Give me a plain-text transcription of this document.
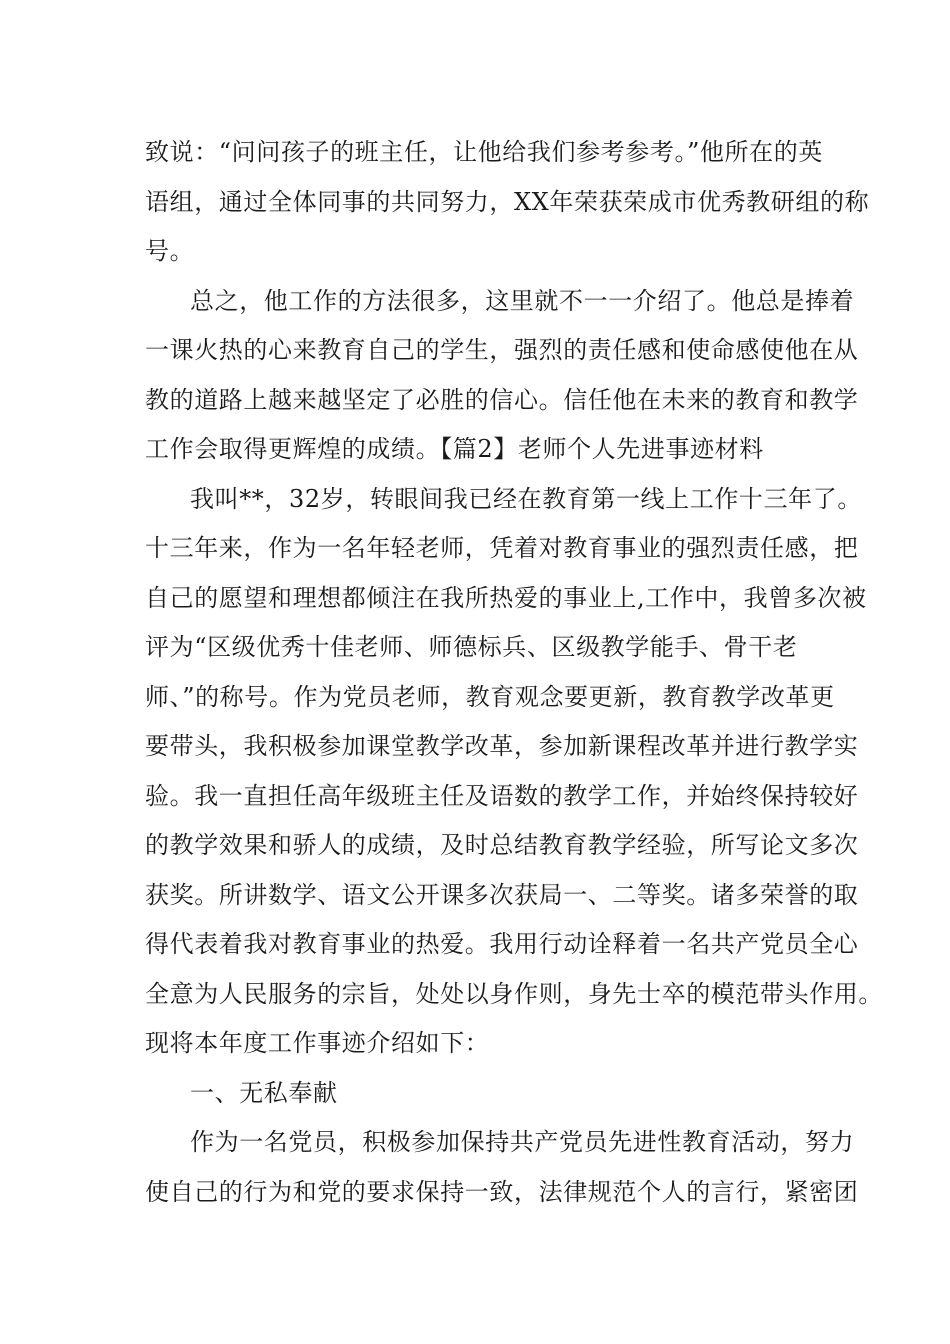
致说：“问问孩子的班主任，让他给我们参考参考。”他所在的英
语组，通过全体同事的共同努力，XX年荣获荣成市优秀教研组的称
号。
总之，他工作的方法很多，这里就不一一介绍了。他总是捧着
一课火热的心来教育自己的学生，强烈的责任感和使命感使他在从
教的道路上越来越坚定了必胜的信心。信任他在未来的教育和教学
工作会取得更辉煌的成绩。【篇2】老师个人先进事迹材料
我叫**，32岁，转眼间我已经在教育第一线上工作十三年了。
十三年来，作为一名年轻老师，凭着对教育事业的强烈责任感，把
自己的愿望和理想都倾注在我所热爱的事业上,工作中，我曾多次被
评为“区级优秀十佳老师、师德标兵、区级教学能手、骨干老
师、”的称号。作为党员老师，教育观念要更新，教育教学改革更
要带头，我积极参加课堂教学改革，参加新课程改革并进行教学实
验。我一直担任高年级班主任及语数的教学工作，并始终保持较好
的教学效果和骄人的成绩，及时总结教育教学经验，所写论文多次
获奖。所讲数学、语文公开课多次获局一、二等奖。诸多荣誉的取
得代表着我对教育事业的热爱。我用行动诠释着一名共产党员全心
全意为人民服务的宗旨，处处以身作则，身先士卒的模范带头作用。
现将本年度工作事迹介绍如下：
一、无私奉献
作为一名党员，积极参加保持共产党员先进性教育活动，努力
使自己的行为和党的要求保持一致，法律规范个人的言行，紧密团
